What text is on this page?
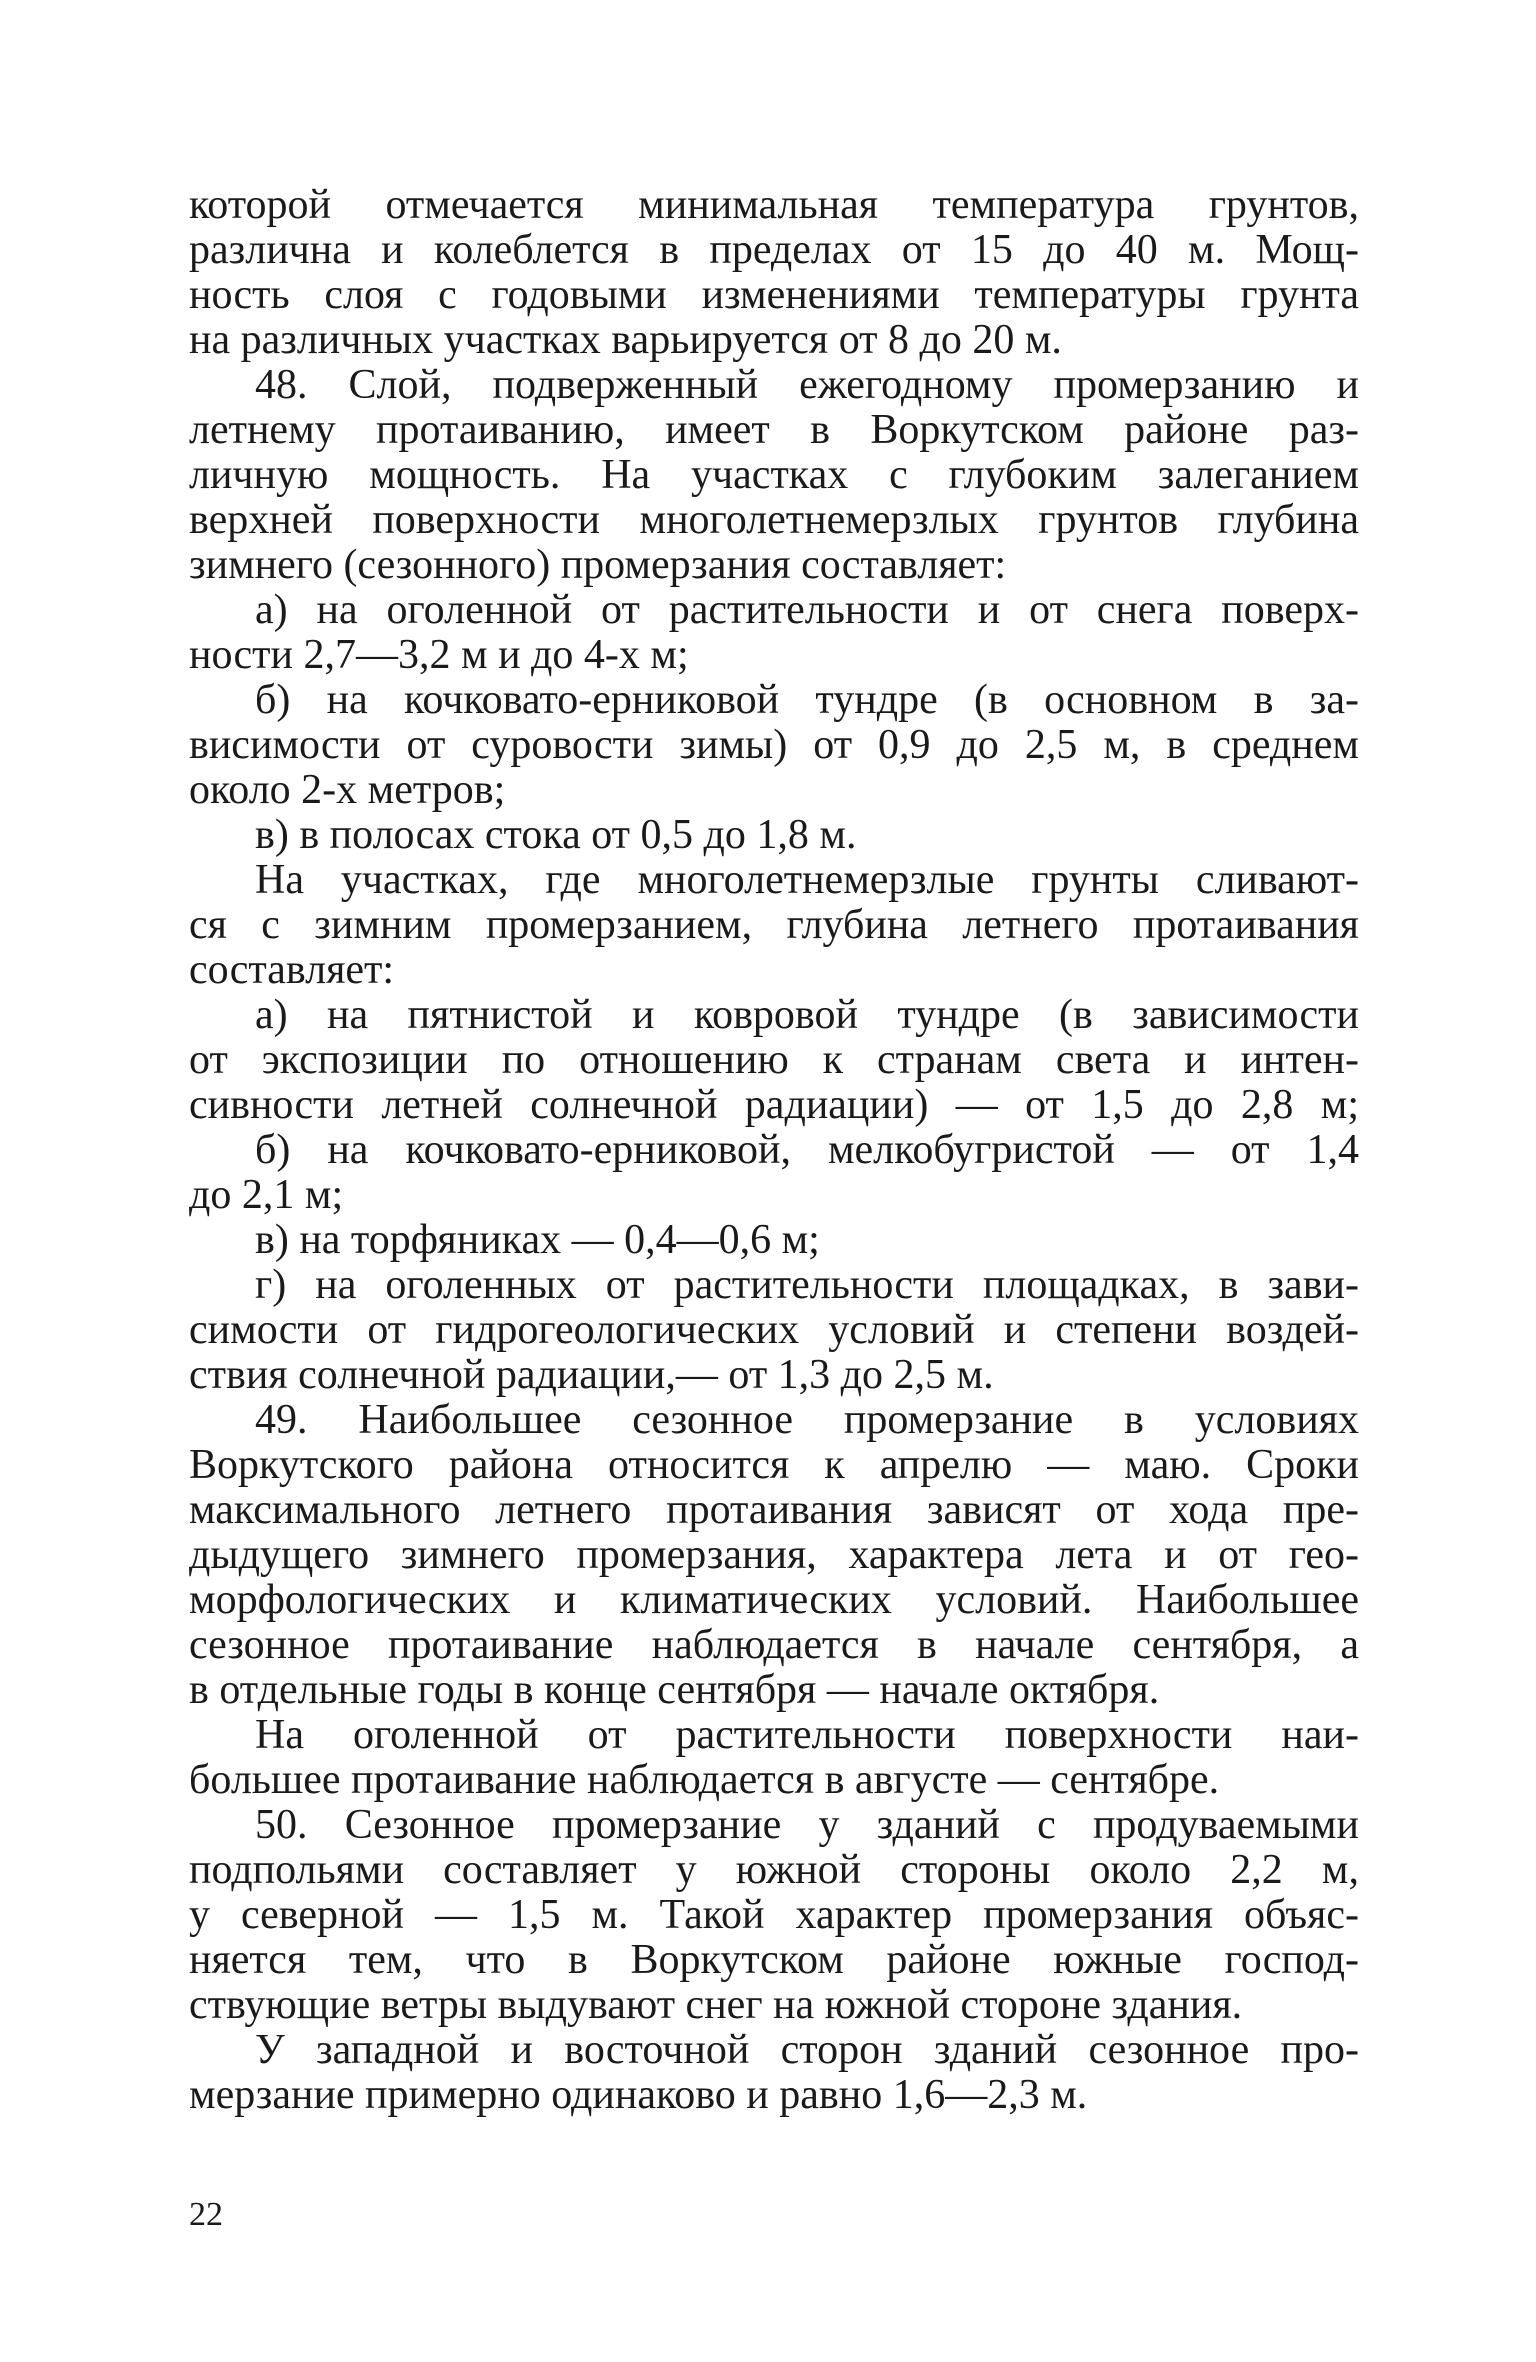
которой отмечается минимальная температура грунтов,
различна и колеблется в пределах от 15 до 40 м. Мощ-
ность слоя с годовыми изменениями температуры грунта
на различных участках варьируется от 8 до 20 м.
48. Слой, подверженный ежегодному промерзанию и
летнему протаиванию, имеет в Воркутском районе раз-
личную мощность. На участках с глубоким залеганием
верхней поверхности многолетнемерзлых грунтов глубина
зимнего (сезонного) промерзания составляет:
а) на оголенной от растительности и от снега поверх-
ности 2,7—3,2 м и до 4-х м;
б) на кочковато-ерниковой тундре (в основном в за-
висимости от суровости зимы) от 0,9 до 2,5 м, в среднем
около 2-х метров;
в) в полосах стока от 0,5 до 1,8 м.
На участках, где многолетнемерзлые грунты сливают-
ся с зимним промерзанием, глубина летнего протаивания
составляет:
а) на пятнистой и ковровой тундре (в зависимости
от экспозиции по отношению к странам света и интен-
сивности летней солнечной радиации) — от 1,5 до 2,8 м;
б) на кочковато-ерниковой, мелкобугристой — от 1,4
до 2,1 м;
в) на торфяниках — 0,4—0,6 м;
г) на оголенных от растительности площадках, в зави-
симости от гидрогеологических условий и степени воздей-
ствия солнечной радиации,— от 1,3 до 2,5 м.
49. Наибольшее сезонное промерзание в условиях
Воркутского района относится к апрелю — маю. Сроки
максимального летнего протаивания зависят от хода пре-
дыдущего зимнего промерзания, характера лета и от гео-
морфологических и климатических условий. Наибольшее
сезонное протаивание наблюдается в начале сентября, а
в отдельные годы в конце сентября — начале октября.
На оголенной от растительности поверхности наи-
большее протаивание наблюдается в августе — сентябре.
50. Сезонное промерзание у зданий с продуваемыми
подпольями составляет у южной стороны около 2,2 м,
у северной — 1,5 м. Такой характер промерзания объяс-
няется тем, что в Воркутском районе южные господ-
ствующие ветры выдувают снег на южной стороне здания.
У западной и восточной сторон зданий сезонное про-
мерзание примерно одинаково и равно 1,6—2,3 м.
22
